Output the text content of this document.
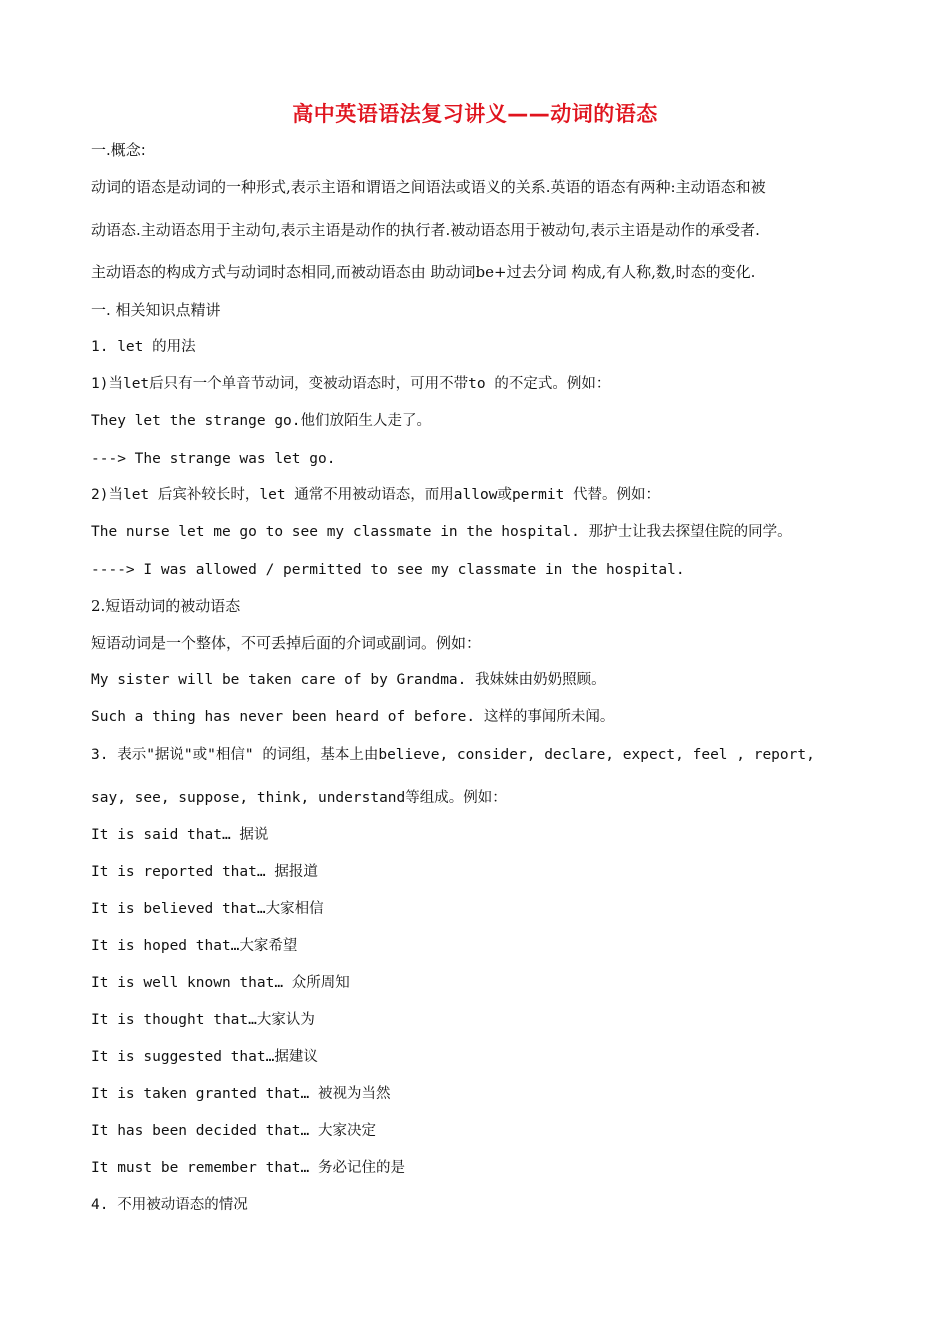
高中英语语法复习讲义——动词的语态
一.概念:
动词的语态是动词的一种形式,表示主语和谓语之间语法或语义的关系.英语的语态有两种:主动语态和被
动语态.主动语态用于主动句,表示主语是动作的执行者.被动语态用于被动句,表示主语是动作的承受者.
主动语态的构成方式与动词时态相同,而被动语态由 助动词be+过去分词 构成,有人称,数,时态的变化.
一. 相关知识点精讲
1. let 的用法
1)当let后只有一个单音节动词，变被动语态时，可用不带to 的不定式。例如：
They let the strange go.他们放陌生人走了。
---> The strange was let go.
2)当let 后宾补较长时，let 通常不用被动语态，而用allow或permit 代替。例如：
The nurse let me go to see my classmate in the hospital. 那护士让我去探望住院的同学。
----> I was allowed / permitted to see my classmate in the hospital.
2.短语动词的被动语态
短语动词是一个整体，不可丢掉后面的介词或副词。例如：
My sister will be taken care of by Grandma. 我妹妹由奶奶照顾。
Such a thing has never been heard of before. 这样的事闻所未闻。
3. 表示"据说"或"相信" 的词组，基本上由believe, consider, declare, expect, feel , report,
say, see, suppose, think, understand等组成。例如：
It is said that… 据说
It is reported that… 据报道
It is believed that…大家相信
It is hoped that…大家希望
It is well known that… 众所周知
It is thought that…大家认为
It is suggested that…据建议
It is taken granted that… 被视为当然
It has been decided that… 大家决定
It must be remember that… 务必记住的是
4. 不用被动语态的情况
